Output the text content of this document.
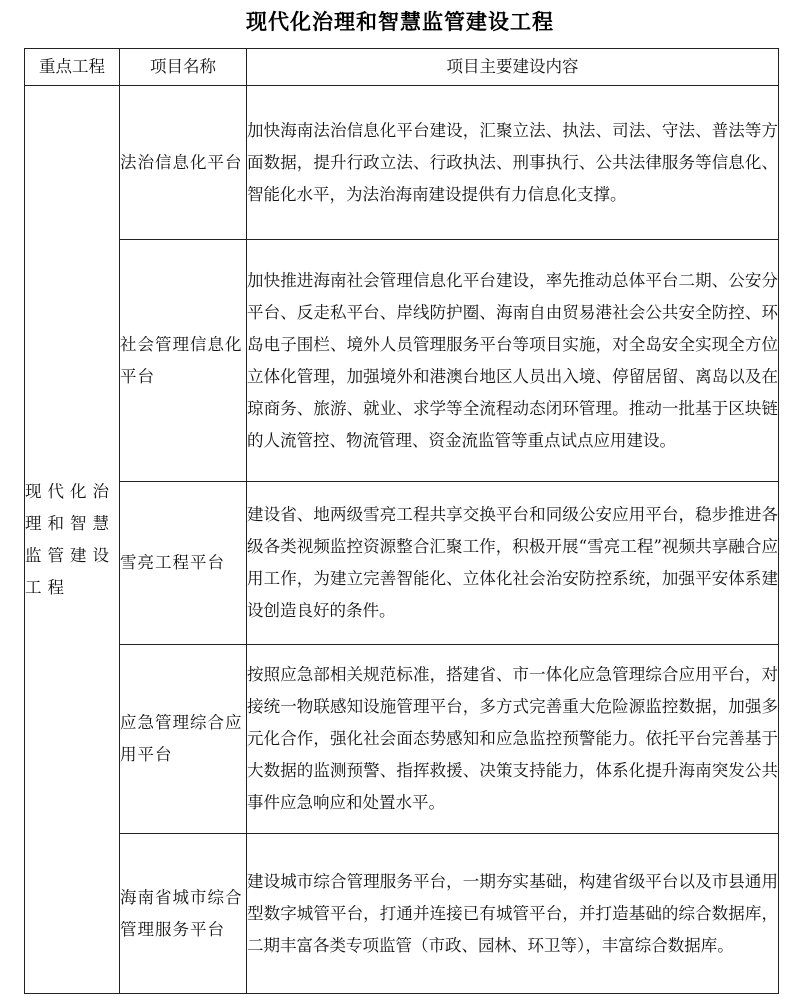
现代化治理和智慧监管建设工程
重点工程	项目名称	项目主要建设内容
现代化治理和智慧监管建设工程	法治信息化平台	加快海南法治信息化平台建设，汇聚立法、执法、司法、守法、普法等方面数据，提升行政立法、行政执法、刑事执行、公共法律服务等信息化、智能化水平，为法治海南建设提供有力信息化支撑。
	社会管理信息化平台	加快推进海南社会管理信息化平台建设，率先推动总体平台二期、公安分平台、反走私平台、岸线防护圈、海南自由贸易港社会公共安全防控、环岛电子围栏、境外人员管理服务平台等项目实施，对全岛安全实现全方位立体化管理，加强境外和港澳台地区人员出入境、停留居留、离岛以及在琼商务、旅游、就业、求学等全流程动态闭环管理。推动一批基于区块链的人流管控、物流管理、资金流监管等重点试点应用建设。
	雪亮工程平台	建设省、地两级雪亮工程共享交换平台和同级公安应用平台，稳步推进各级各类视频监控资源整合汇聚工作，积极开展“雪亮工程”视频共享融合应用工作，为建立完善智能化、立体化社会治安防控系统，加强平安体系建设创造良好的条件。
	应急管理综合应用平台	按照应急部相关规范标准，搭建省、市一体化应急管理综合应用平台，对接统一物联感知设施管理平台，多方式完善重大危险源监控数据，加强多元化合作，强化社会面态势感知和应急监控预警能力。依托平台完善基于大数据的监测预警、指挥救援、决策支持能力，体系化提升海南突发公共事件应急响应和处置水平。
	海南省城市综合管理服务平台	建设城市综合管理服务平台，一期夯实基础，构建省级平台以及市县通用型数字城管平台，打通并连接已有城管平台，并打造基础的综合数据库，二期丰富各类专项监管（市政、园林、环卫等），丰富综合数据库。
